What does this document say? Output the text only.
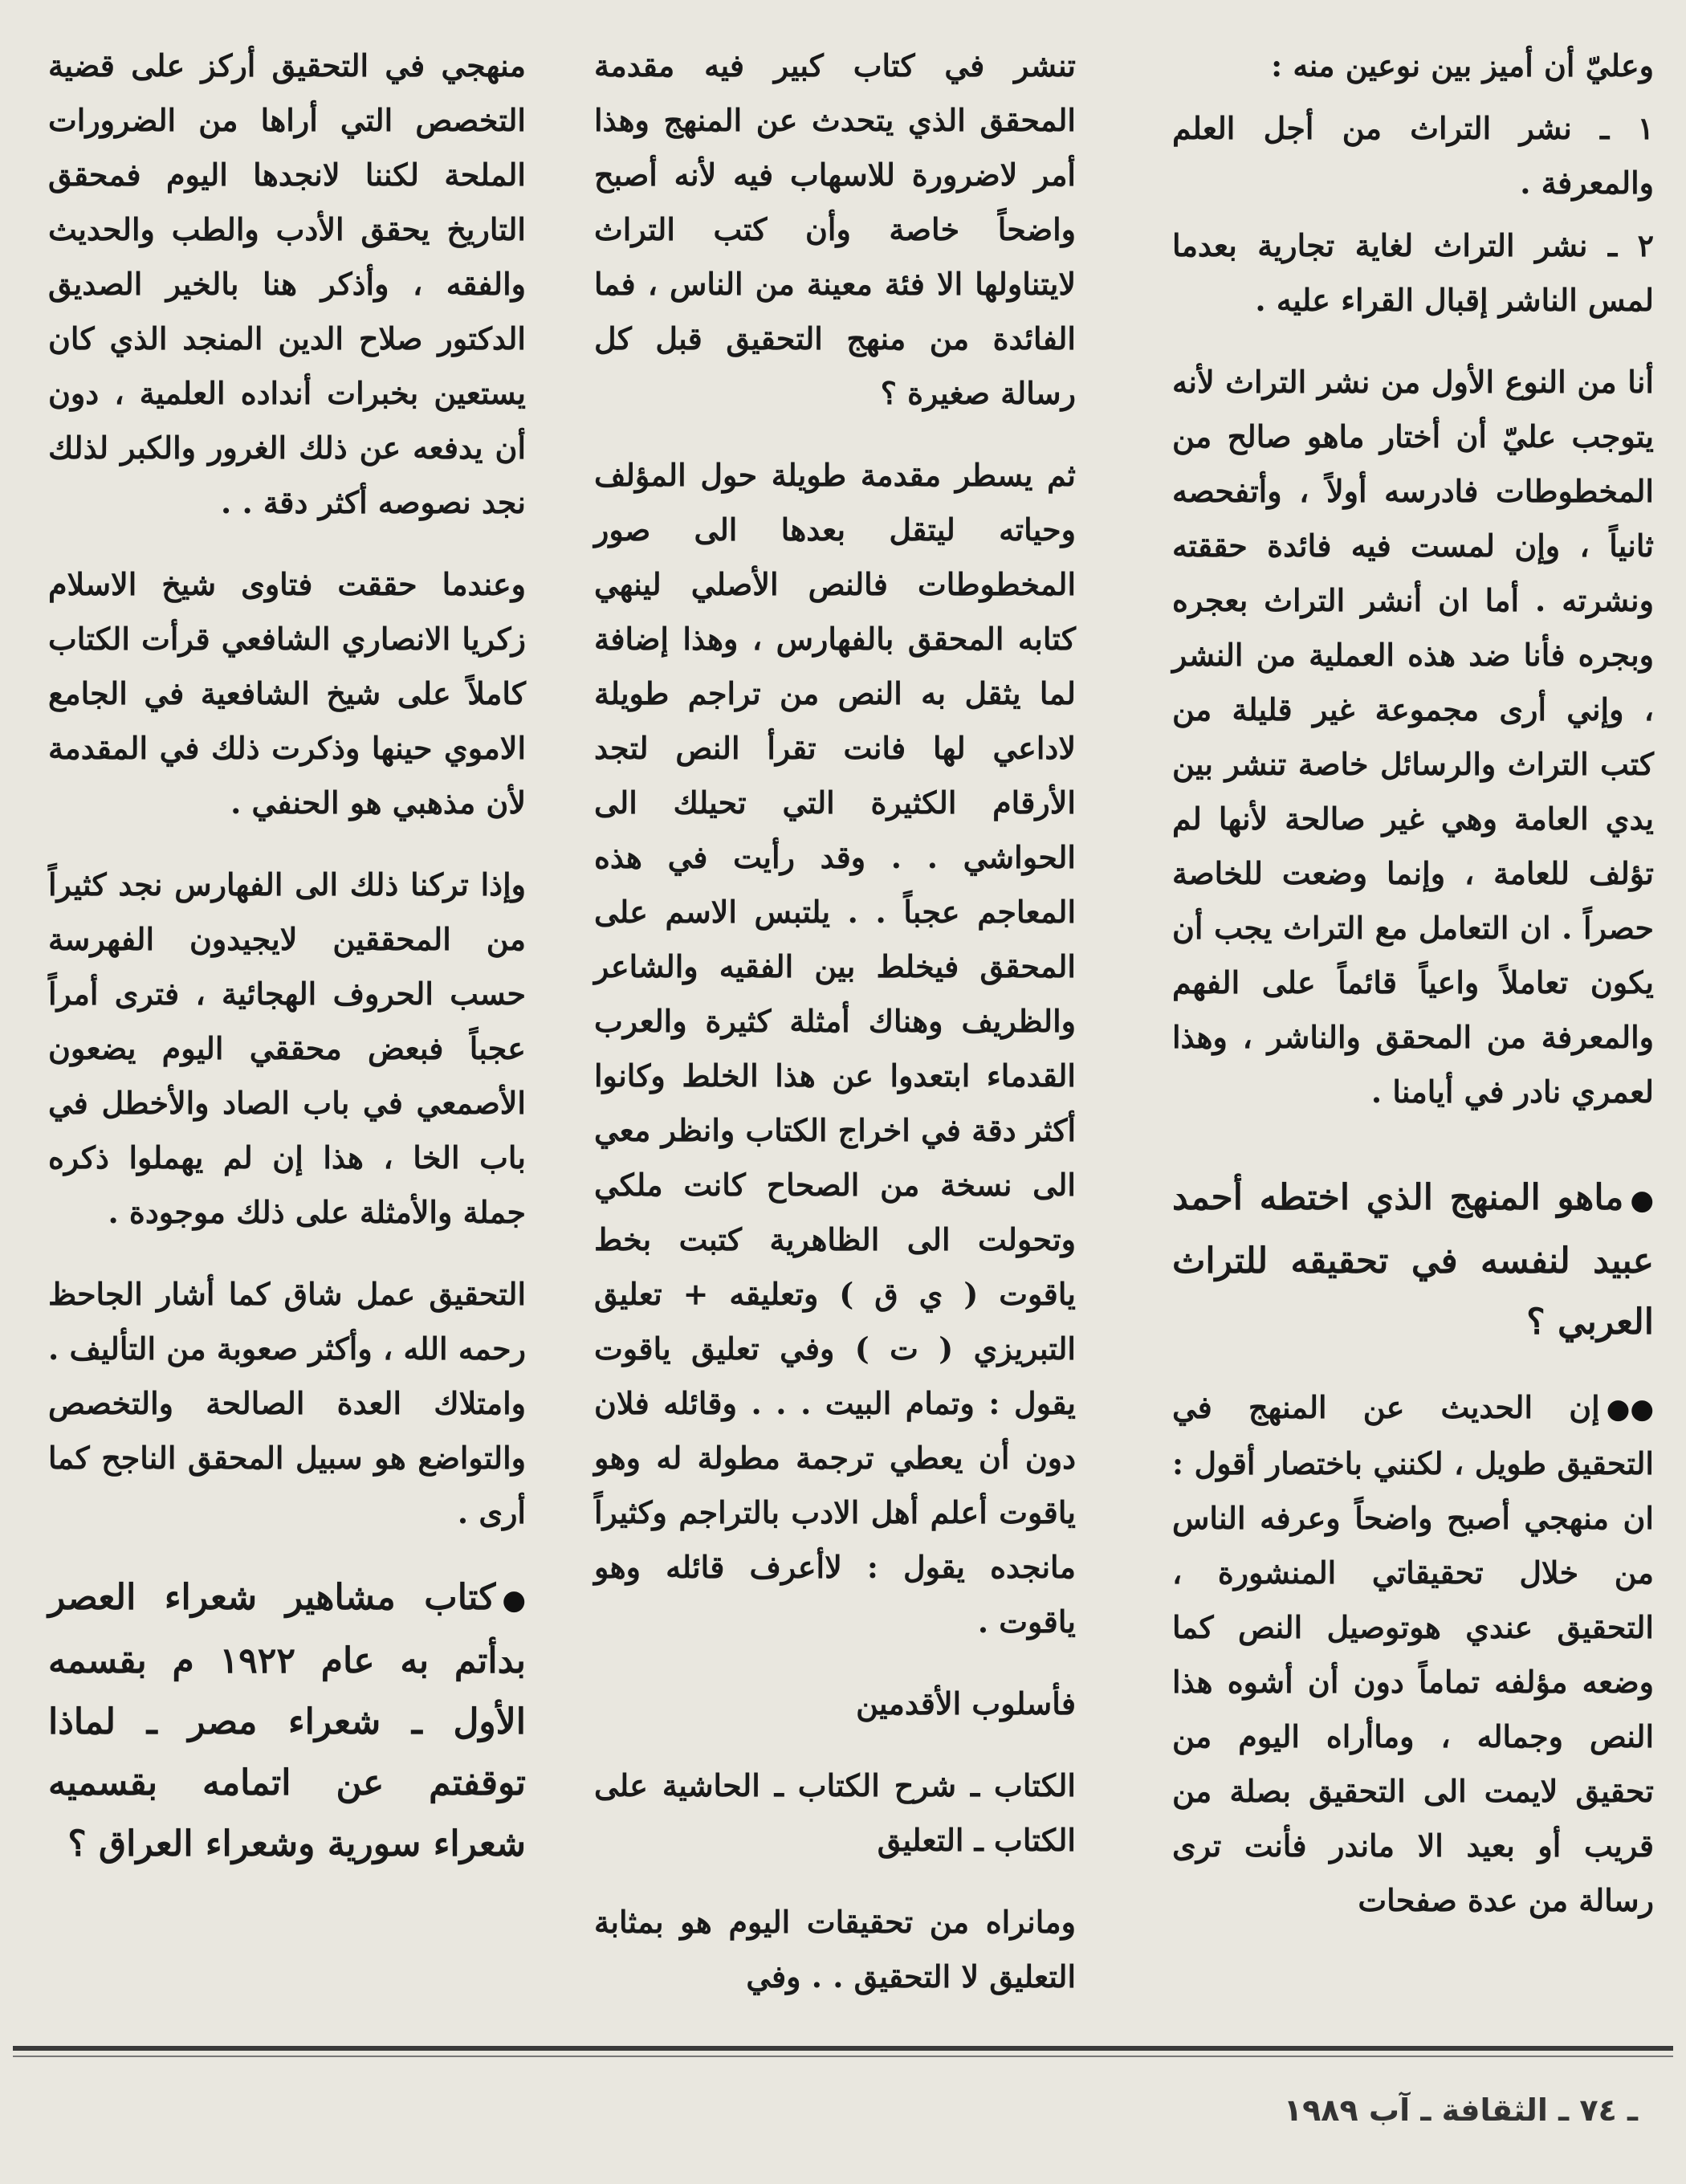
وعليّ أن أميز بين نوعين منه :

١ ـ نشر التراث من أجل العلم والمعرفة .

٢ ـ نشر التراث لغاية تجارية بعدما لمس الناشر إقبال القراء عليه .

أنا من النوع الأول من نشر التراث لأنه يتوجب عليّ أن أختار ماهو صالح من المخطوطات فادرسه أولاً ، وأتفحصه ثانياً ، وإن لمست فيه فائدة حققته ونشرته . أما ان أنشر التراث بعجره وبجره فأنا ضد هذه العملية من النشر ، وإني أرى مجموعة غير قليلة من كتب التراث والرسائل خاصة تنشر بين يدي العامة وهي غير صالحة لأنها لم تؤلف للعامة ، وإنما وضعت للخاصة حصراً . ان التعامل مع التراث يجب أن يكون تعاملاً واعياً قائماً على الفهم والمعرفة من المحقق والناشر ، وهذا لعمري نادر في أيامنا .

●ماهو المنهج الذي اختطه أحمد عبيد لنفسه في تحقيقه للتراث العربي ؟

●●إن الحديث عن المنهج في التحقيق طويل ، لكنني باختصار أقول : ان منهجي أصبح واضحاً وعرفه الناس من خلال تحقيقاتي المنشورة ، التحقيق عندي هوتوصيل النص كما وضعه مؤلفه تماماً دون أن أشوه هذا النص وجماله ، وماأراه اليوم من تحقيق لايمت الى التحقيق بصلة من قريب أو بعيد الا ماندر فأنت ترى رسالة من عدة صفحات

تنشر في كتاب كبير فيه مقدمة المحقق الذي يتحدث عن المنهج وهذا أمر لاضرورة للاسهاب فيه لأنه أصبح واضحاً خاصة وأن كتب التراث لايتناولها الا فئة معينة من الناس ، فما الفائدة من منهج التحقيق قبل كل رسالة صغيرة ؟

ثم يسطر مقدمة طويلة حول المؤلف وحياته ليتقل بعدها الى صور المخطوطات فالنص الأصلي لينهي كتابه المحقق بالفهارس ، وهذا إضافة لما يثقل به النص من تراجم طويلة لاداعي لها فانت تقرأ النص لتجد الأرقام الكثيرة التي تحيلك الى الحواشي . . وقد رأيت في هذه المعاجم عجباً . . يلتبس الاسم على المحقق فيخلط بين الفقيه والشاعر والظريف وهناك أمثلة كثيرة والعرب القدماء ابتعدوا عن هذا الخلط وكانوا أكثر دقة في اخراج الكتاب وانظر معي الى نسخة من الصحاح كانت ملكي وتحولت الى الظاهرية كتبت بخط ياقوت ( ي ق ) وتعليقه + تعليق التبريزي ( ت ) وفي تعليق ياقوت يقول : وتمام البيت . . . وقائله فلان دون أن يعطي ترجمة مطولة له وهو ياقوت أعلم أهل الادب بالتراجم وكثيراً مانجده يقول : لاأعرف قائله وهو ياقوت .

فأسلوب الأقدمين

الكتاب ـ شرح الكتاب ـ الحاشية على الكتاب ـ التعليق

ومانراه من تحقيقات اليوم هو بمثابة التعليق لا التحقيق . . وفي

منهجي في التحقيق أركز على قضية التخصص التي أراها من الضرورات الملحة لكننا لانجدها اليوم فمحقق التاريخ يحقق الأدب والطب والحديث والفقه ، وأذكر هنا بالخير الصديق الدكتور صلاح الدين المنجد الذي كان يستعين بخبرات أنداده العلمية ، دون أن يدفعه عن ذلك الغرور والكبر لذلك نجد نصوصه أكثر دقة . .

وعندما حققت فتاوى شيخ الاسلام زكريا الانصاري الشافعي قرأت الكتاب كاملاً على شيخ الشافعية في الجامع الاموي حينها وذكرت ذلك في المقدمة لأن مذهبي هو الحنفي .

وإذا تركنا ذلك الى الفهارس نجد كثيراً من المحققين لايجيدون الفهرسة حسب الحروف الهجائية ، فترى أمراً عجباً فبعض محققي اليوم يضعون الأصمعي في باب الصاد والأخطل في باب الخا ، هذا إن لم يهملوا ذكره جملة والأمثلة على ذلك موجودة .

التحقيق عمل شاق كما أشار الجاحظ رحمه الله ، وأكثر صعوبة من التأليف . وامتلاك العدة الصالحة والتخصص والتواضع هو سبيل المحقق الناجح كما أرى .

●كتاب مشاهير شعراء العصر بدأتم به عام ١٩٢٢ م بقسمه الأول ـ شعراء مصر ـ لماذا توقفتم عن اتمامه بقسميه شعراء سورية وشعراء العراق ؟

ـ ٧٤ ـ الثقافة ـ آب ١٩٨٩
